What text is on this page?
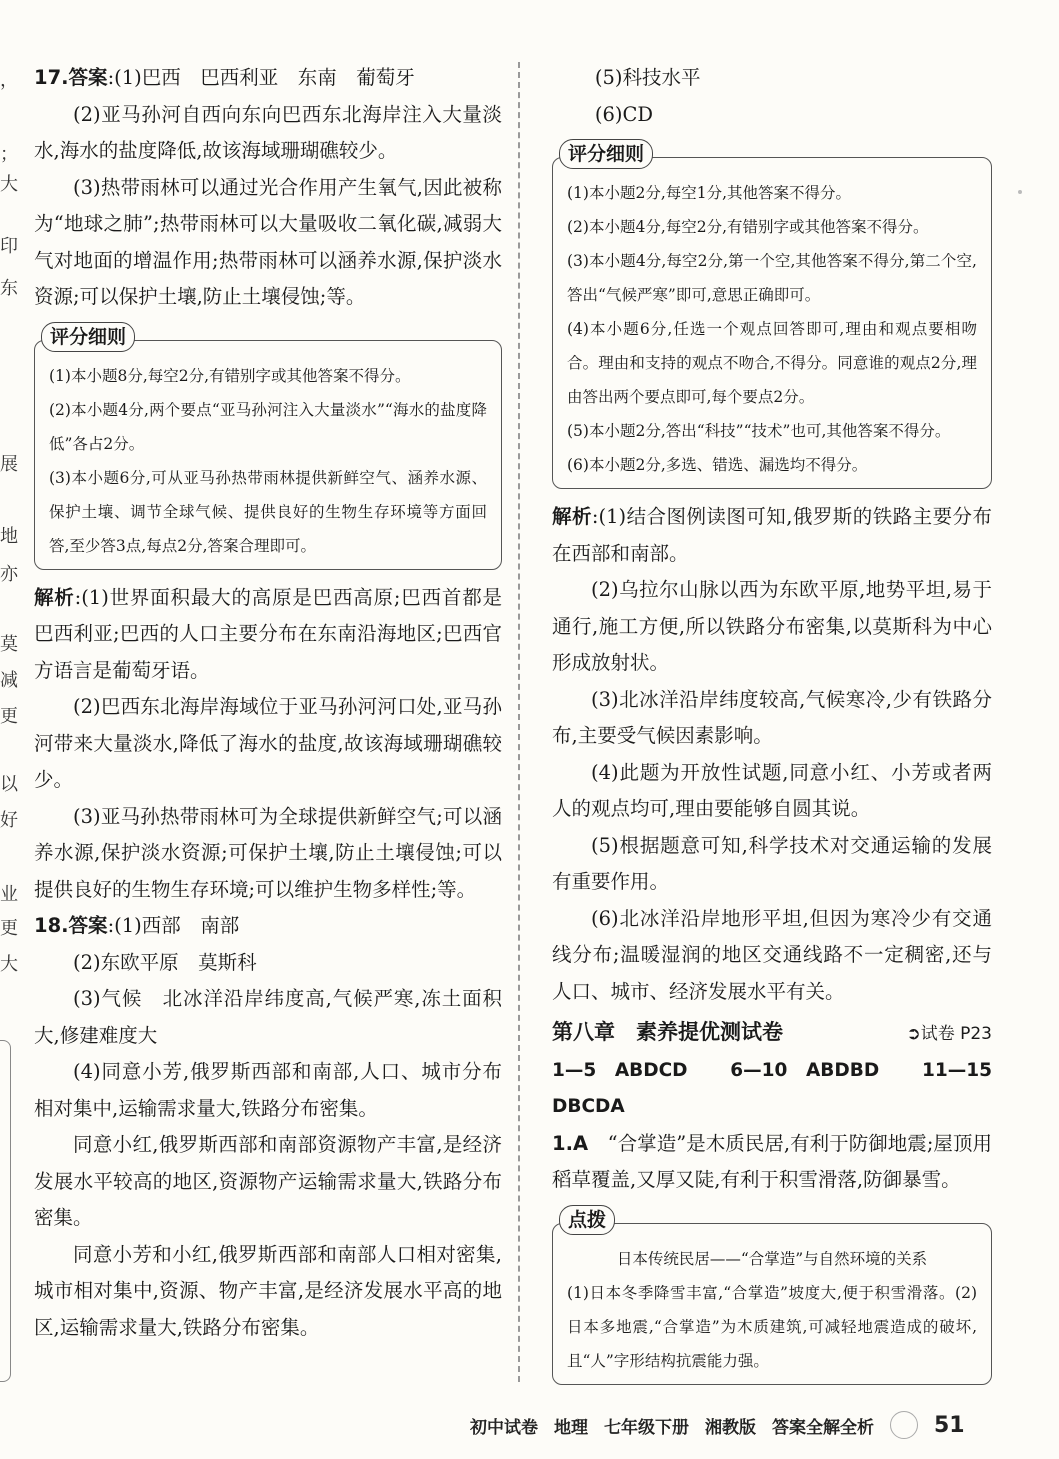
，
；
大
印
东
展
地
亦
莫
减
更
以
好
业
更
大

17.答案:(1)巴西　巴西利亚　东南　葡萄牙

(2)亚马孙河自西向东向巴西东北海岸注入大量淡水,海水的盐度降低,故该海域珊瑚礁较少。

(3)热带雨林可以通过光合作用产生氧气,因此被称为“地球之肺”;热带雨林可以大量吸收二氧化碳,减弱大气对地面的增温作用;热带雨林可以涵养水源,保护淡水资源;可以保护土壤,防止土壤侵蚀;等。

评分细则

(1)本小题8分,每空2分,有错别字或其他答案不得分。

(2)本小题4分,两个要点“亚马孙河注入大量淡水”“海水的盐度降低”各占2分。

(3)本小题6分,可从亚马孙热带雨林提供新鲜空气、涵养水源、保护土壤、调节全球气候、提供良好的生物生存环境等方面回答,至少答3点,每点2分,答案合理即可。

解析:(1)世界面积最大的高原是巴西高原;巴西首都是巴西利亚;巴西的人口主要分布在东南沿海地区;巴西官方语言是葡萄牙语。

(2)巴西东北海岸海域位于亚马孙河河口处,亚马孙河带来大量淡水,降低了海水的盐度,故该海域珊瑚礁较少。

(3)亚马孙热带雨林可为全球提供新鲜空气;可以涵养水源,保护淡水资源;可保护土壤,防止土壤侵蚀;可以提供良好的生物生存环境;可以维护生物多样性;等。

18.答案:(1)西部　南部

(2)东欧平原　莫斯科

(3)气候　北冰洋沿岸纬度高,气候严寒,冻土面积大,修建难度大

(4)同意小芳,俄罗斯西部和南部,人口、城市分布相对集中,运输需求量大,铁路分布密集。

同意小红,俄罗斯西部和南部资源物产丰富,是经济发展水平较高的地区,资源物产运输需求量大,铁路分布密集。

同意小芳和小红,俄罗斯西部和南部人口相对密集,城市相对集中,资源、物产丰富,是经济发展水平高的地区,运输需求量大,铁路分布密集。

(5)科技水平

(6)CD

评分细则

(1)本小题2分,每空1分,其他答案不得分。

(2)本小题4分,每空2分,有错别字或其他答案不得分。

(3)本小题4分,每空2分,第一个空,其他答案不得分,第二个空,答出“气候严寒”即可,意思正确即可。

(4)本小题6分,任选一个观点回答即可,理由和观点要相吻合。理由和支持的观点不吻合,不得分。同意谁的观点2分,理由答出两个要点即可,每个要点2分。

(5)本小题2分,答出“科技”“技术”也可,其他答案不得分。

(6)本小题2分,多选、错选、漏选均不得分。

解析:(1)结合图例读图可知,俄罗斯的铁路主要分布在西部和南部。

(2)乌拉尔山脉以西为东欧平原,地势平坦,易于通行,施工方便,所以铁路分布密集,以莫斯科为中心形成放射状。

(3)北冰洋沿岸纬度较高,气候寒冷,少有铁路分布,主要受气候因素影响。

(4)此题为开放性试题,同意小红、小芳或者两人的观点均可,理由要能够自圆其说。

(5)根据题意可知,科学技术对交通运输的发展有重要作用。

(6)北冰洋沿岸地形平坦,但因为寒冷少有交通线分布;温暖湿润的地区交通线路不一定稠密,还与人口、城市、经济发展水平有关。

第八章　素养提优测试卷	➲试卷 P23

1—5 ABDCD　6—10 ABDBD　11—15 DBCDA

1.A　 “合掌造”是木质民居,有利于防御地震;屋顶用稻草覆盖,又厚又陡,有利于积雪滑落,防御暴雪。

点拨

日本传统民居——“合掌造”与自然环境的关系

(1)日本冬季降雪丰富,“合掌造”坡度大,便于积雪滑落。(2)日本多地震,“合掌造”为木质建筑,可减轻地震造成的破坏,且“人”字形结构抗震能力强。

初中试卷 地理 七年级下册 湘教版 答案全解全析	51
